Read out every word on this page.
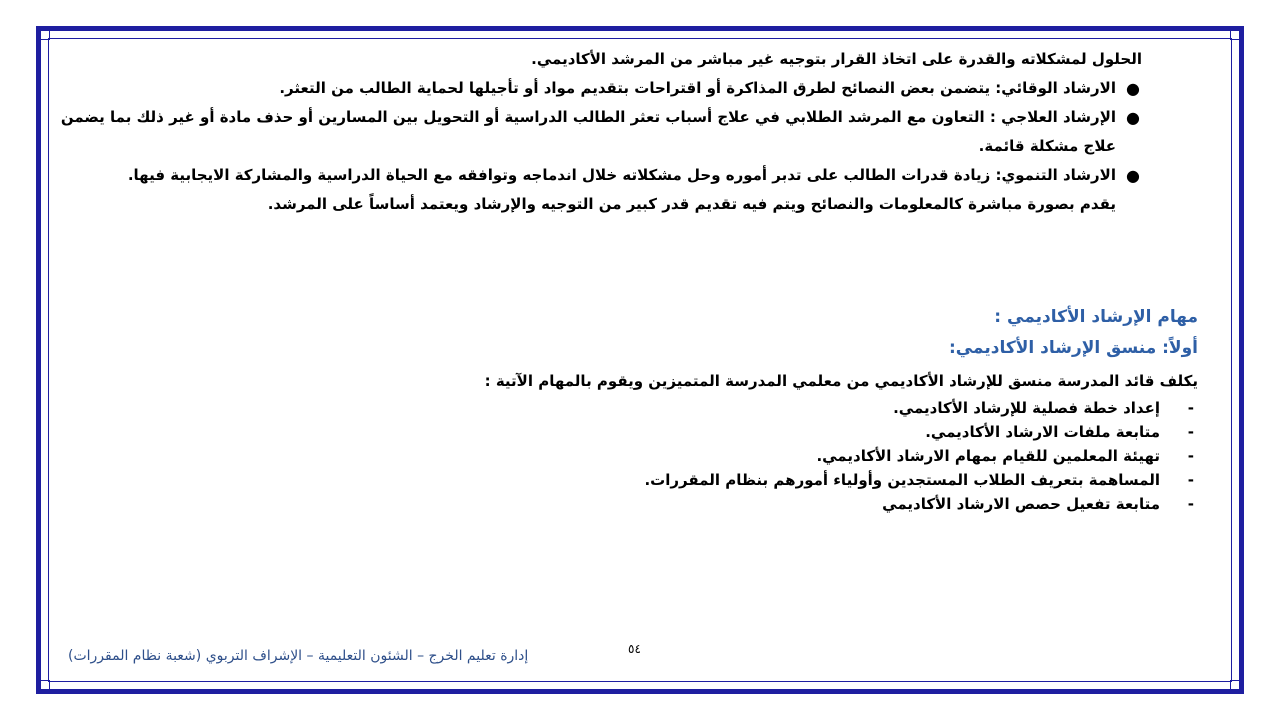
الحلول لمشكلاته والقدرة على اتخاذ القرار بتوجيه غير مباشر من المرشد الأكاديمي.
●
الارشاد الوقائي: يتضمن بعض النصائح لطرق المذاكرة أو اقتراحات بتقديم مواد أو تأجيلها لحماية الطالب من التعثر.
●
الإرشاد العلاجي : التعاون مع المرشد الطلابي في علاج أسباب تعثر الطالب الدراسية أو التحويل بين المسارين أو حذف مادة أو غير ذلك بما يضمن علاج مشكلة قائمة.
●
الارشاد التنموي: زيادة قدرات الطالب على تدبر أموره وحل مشكلاته خلال اندماجه وتوافقه مع الحياة الدراسية والمشاركة الايجابية فيها. يقدم بصورة مباشرة كالمعلومات والنصائح ويتم فيه تقديم قدر كبير من التوجيه والإرشاد ويعتمد أساساً على المرشد.
مهام الإرشاد الأكاديمي :
أولاً: منسق الإرشاد الأكاديمي:
يكلف قائد المدرسة منسق للإرشاد الأكاديمي من معلمي المدرسة المتميزين ويقوم بالمهام الآتية :
-
إعداد خطة فصلية للإرشاد الأكاديمي.
-
متابعة ملفات الارشاد الأكاديمي.
-
تهيئة المعلمين للقيام بمهام الارشاد الأكاديمي.
-
المساهمة بتعريف الطلاب المستجدين وأولياء أمورهم بنظام المقررات.
-
متابعة تفعيل حصص الارشاد الأكاديمي
٥٤
إدارة تعليم الخرج – الشئون التعليمية – الإشراف التربوي (شعبة نظام المقررات)
